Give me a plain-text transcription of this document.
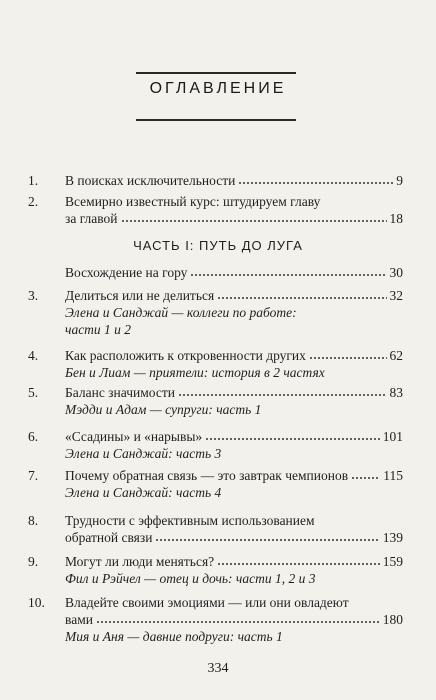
ОГЛАВЛЕНИЕ
ЧАСТЬ I: ПУТЬ ДО ЛУГА
1.	В поисках исключительности	9
2.	Всемирно известный курс: штудируем главу
за главой	18
Восхождение на гору	30
3.	Делиться или не делиться	32
Элена и Санджай — коллеги по работе:
части 1 и 2
4.	Как расположить к откровенности других	62
Бен и Лиам — приятели: история в 2 частях
5.	Баланс значимости	83
Мэдди и Адам — супруги: часть 1
6.	«Ссадины» и «нарывы»	101
Элена и Санджай: часть 3
7.	Почему обратная связь — это завтрак чемпионов	115
Элена и Санджай: часть 4
8.	Трудности с эффективным использованием
обратной связи	139
9.	Могут ли люди меняться?	159
Фил и Рэйчел — отец и дочь: части 1, 2 и 3
10.	Владейте своими эмоциями — или они овладеют
вами	180
Мия и Аня — давние подруги: часть 1
334
